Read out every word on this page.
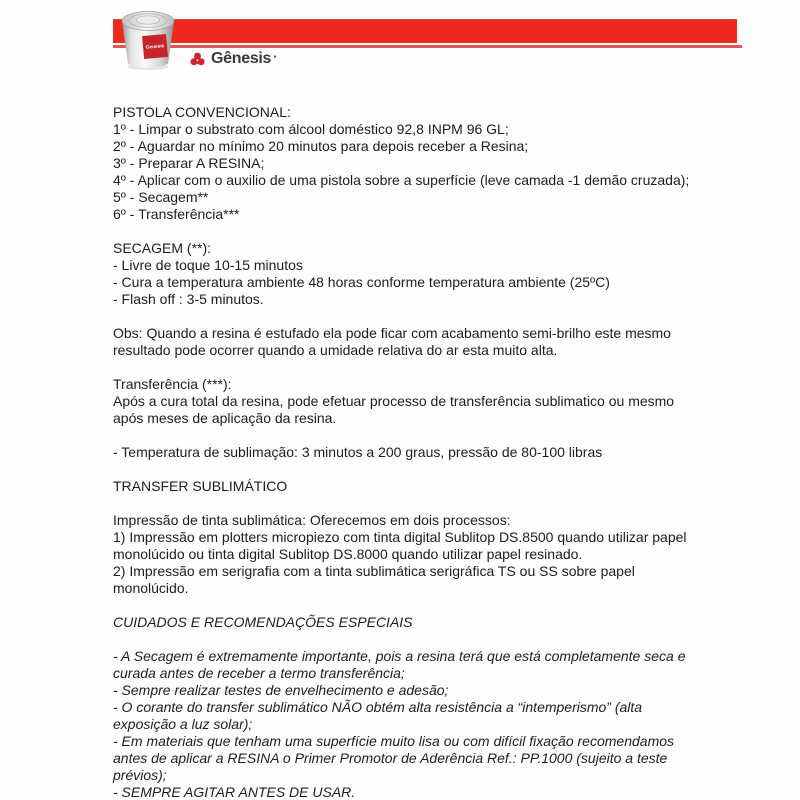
Genesis
Gênesis ·
PISTOLA CONVENCIONAL:
1º - Limpar o substrato com álcool doméstico 92,8 INPM 96 GL;
2º - Aguardar no mínimo 20 minutos para depois receber a Resina;
3º - Preparar A RESINA;
4º - Aplicar com o auxilio de uma pistola sobre a superfície (leve camada -1 demão cruzada);
5º - Secagem**
6º - Transferência***
SECAGEM (**):
- Livre de toque 10-15 minutos
- Cura a temperatura ambiente 48 horas conforme temperatura ambiente (25ºC)
- Flash off : 3-5 minutos.
Obs: Quando a resina é estufado ela pode ficar com acabamento semi-brilho este mesmo
resultado pode ocorrer quando a umidade relativa do ar esta muito alta.
Transferência (***):
Após a cura total da resina, pode efetuar processo de transferência sublimatico ou mesmo
após meses de aplicação da resina.
- Temperatura de sublimação: 3 minutos a 200 graus, pressão de 80-100 libras
TRANSFER SUBLIMÁTICO
Impressão de tinta sublimática: Oferecemos em dois processos:
1) Impressão em plotters micropiezo com tinta digital Sublitop DS.8500 quando utilizar papel
monolúcido ou tinta digital Sublitop DS.8000 quando utilizar papel resinado.
2) Impressão em serigrafia com a tinta sublimática serigráfica TS ou SS sobre papel
monolúcido.
CUIDADOS E RECOMENDAÇÕES ESPECIAIS
- A Secagem é extremamente importante, pois a resina terá que está completamente seca e
curada antes de receber a termo transferência;
- Sempre realizar testes de envelhecimento e adesão;
- O corante do transfer sublimático NÃO obtém alta resistência a “intemperismo” (alta
exposição a luz solar);
- Em materiais que tenham uma superfície muito lisa ou com difícil fixação recomendamos
antes de aplicar a RESINA o Primer Promotor de Aderência Ref.: PP.1000 (sujeito a teste
prévios);
- SEMPRE AGITAR ANTES DE USAR.
